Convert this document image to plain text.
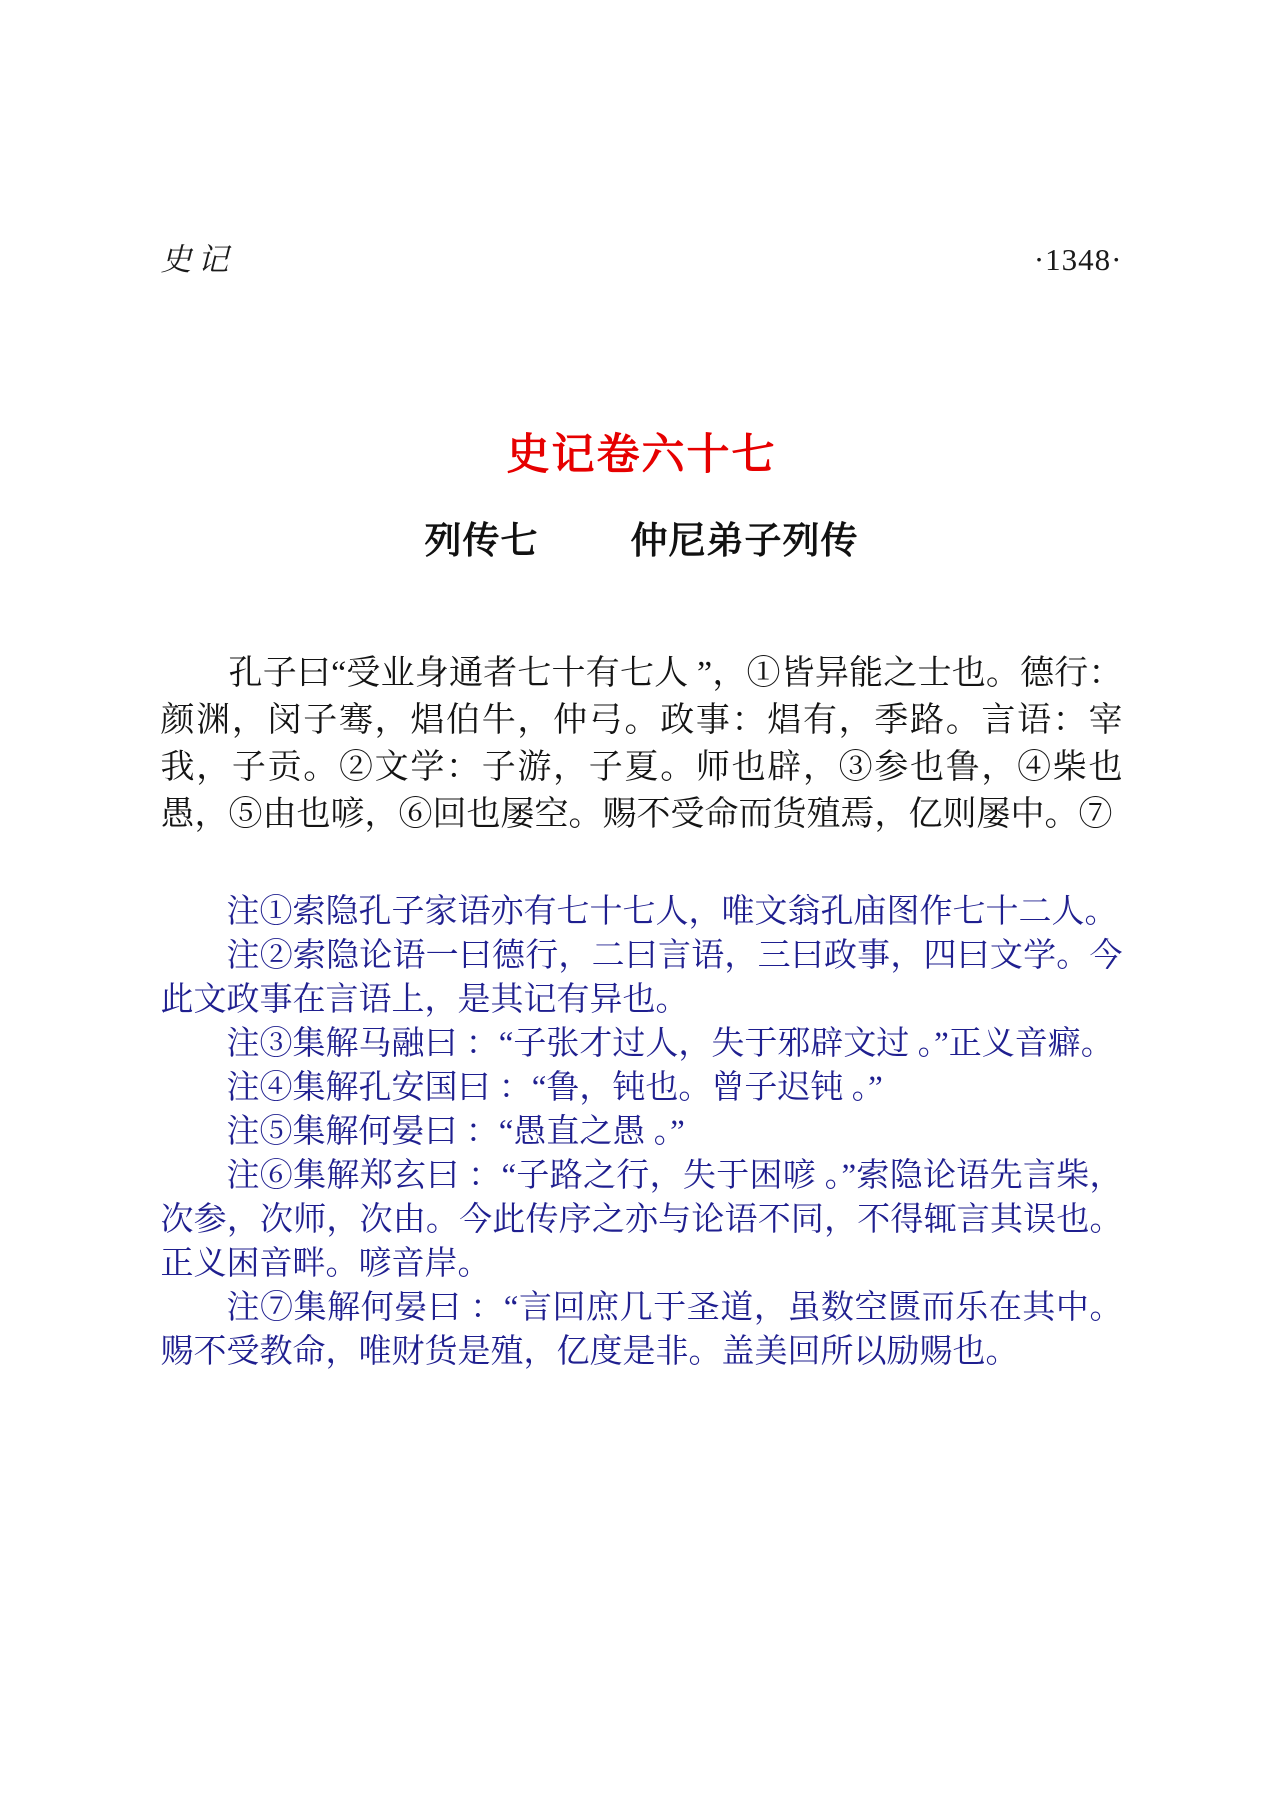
史记	·1348·
史记卷六十七
列传七 仲尼弟子列传

孔子曰“受业身通者七十有七人 ”，①皆异能之士也。德行：颜渊，闵子骞，焻伯牛，仲弓。政事：焻有，季路。言语：宰我，子贡。②文学：子游，子夏。师也辟，③参也鲁，④柴也愚，⑤由也喭，⑥回也屡空。赐不受命而货殖焉，亿则屡中。⑦

注①索隐孔子家语亦有七十七人，唯文翁孔庙图作七十二人。

注②索隐论语一曰德行，二曰言语，三曰政事，四曰文学。今此文政事在言语上，是其记有异也。

注③集解马融曰 ：“子张才过人，失于邪辟文过 。”正义音癖。

注④集解孔安国曰 ：“鲁，钝也。曾子迟钝 。”

注⑤集解何晏曰 ：“愚直之愚 。”

注⑥集解郑玄曰 ：“子路之行，失于困喭 。”索隐论语先言柴，次参，次师，次由。今此传序之亦与论语不同，不得辄言其误也。正义困音畔。喭音岸。

注⑦集解何晏曰 ：“言回庶几于圣道，虽数空匮而乐在其中。赐不受教命，唯财货是殖，亿度是非。盖美回所以励赐也。
